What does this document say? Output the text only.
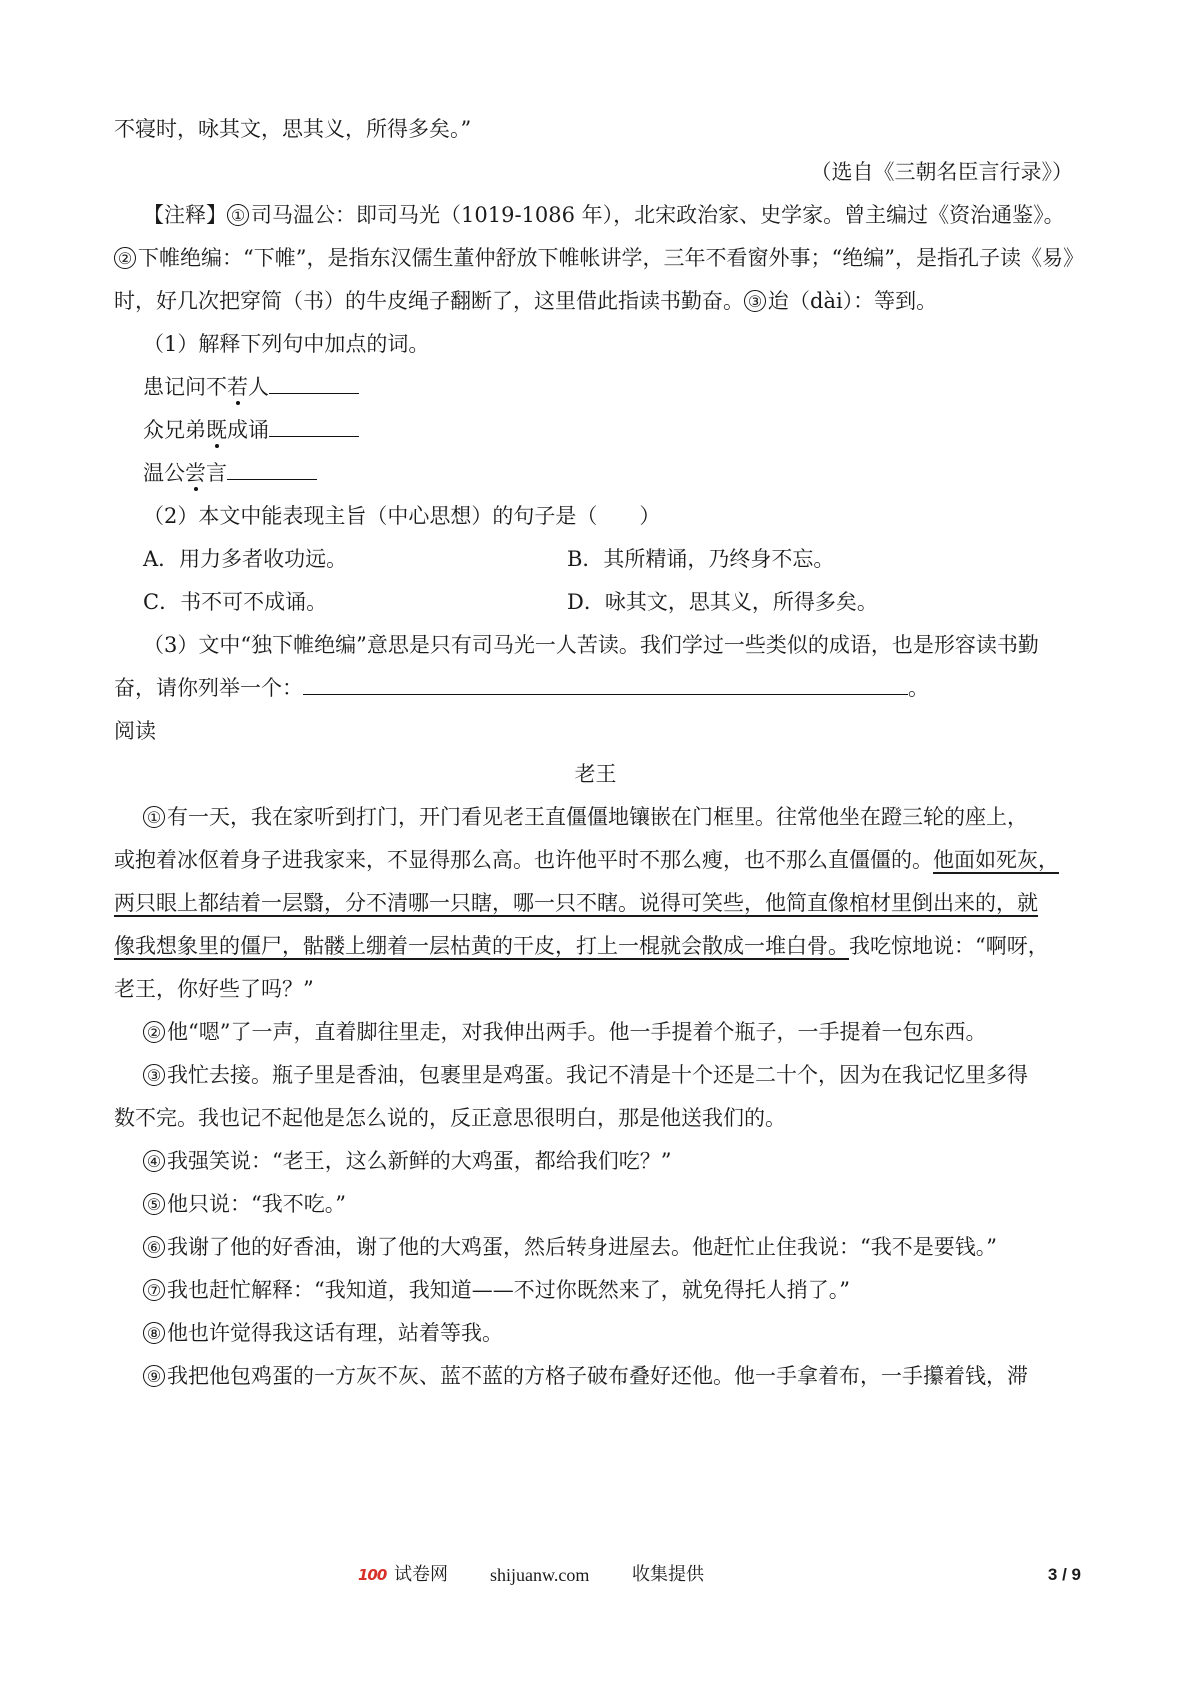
不寝时，咏其文，思其义，所得多矣。”
（选自《三朝名臣言行录》）
【注释】 ① 司马温公：即司马光（1019-1086 年），北宋政治家、史学家。曾主编过《资治通鉴》。
② 下帷绝编：“下帷”，是指东汉儒生董仲舒放下帷帐讲学，三年不看窗外事；“绝编”，是指孔子读《易》
时，好几次把穿简（书）的牛皮绳子翻断了，这里借此指读书勤奋。 ③ 迨（dài）：等到。
（1）解释下列句中加点的词。
患记问不若人
众兄弟既成诵
温公尝言
（2）本文中能表现主旨（中心思想）的句子是（　　）
A．用力多者收功远。	B．其所精诵，乃终身不忘。
C．书不可不成诵。	D．咏其文，思其义，所得多矣。
（3）文中“独下帷绝编”意思是只有司马光一人苦读。我们学过一些类似的成语，也是形容读书勤
奋，请你列举一个：	。
阅读
老王
① 有一天，我在家听到打门，开门看见老王直僵僵地镶嵌在门框里。往常他坐在蹬三轮的座上，
或抱着冰伛着身子进我家来，不显得那么高。也许他平时不那么瘦，也不那么直僵僵的。他面如死灰，
两只眼上都结着一层翳，分不清哪一只瞎，哪一只不瞎。说得可笑些，他简直像棺材里倒出来的，就
像我想象里的僵尸，骷髅上绷着一层枯黄的干皮，打上一棍就会散成一堆白骨。我吃惊地说：“啊呀，
老王，你好些了吗？”
② 他“嗯”了一声，直着脚往里走，对我伸出两手。他一手提着个瓶子，一手提着一包东西。
③ 我忙去接。瓶子里是香油，包裹里是鸡蛋。我记不清是十个还是二十个，因为在我记忆里多得
数不完。我也记不起他是怎么说的，反正意思很明白，那是他送我们的。
④ 我强笑说：“老王，这么新鲜的大鸡蛋，都给我们吃？”
⑤ 他只说：“我不吃。”
⑥ 我谢了他的好香油，谢了他的大鸡蛋，然后转身进屋去。他赶忙止住我说：“我不是要钱。”
⑦ 我也赶忙解释：“我知道，我知道——不过你既然来了，就免得托人捎了。”
⑧ 他也许觉得我这话有理，站着等我。
⑨ 我把他包鸡蛋的一方灰不灰、蓝不蓝的方格子破布叠好还他。他一手拿着布，一手攥着钱，滞
100 试卷网 shijuanw.com 收集提供	3 / 9
